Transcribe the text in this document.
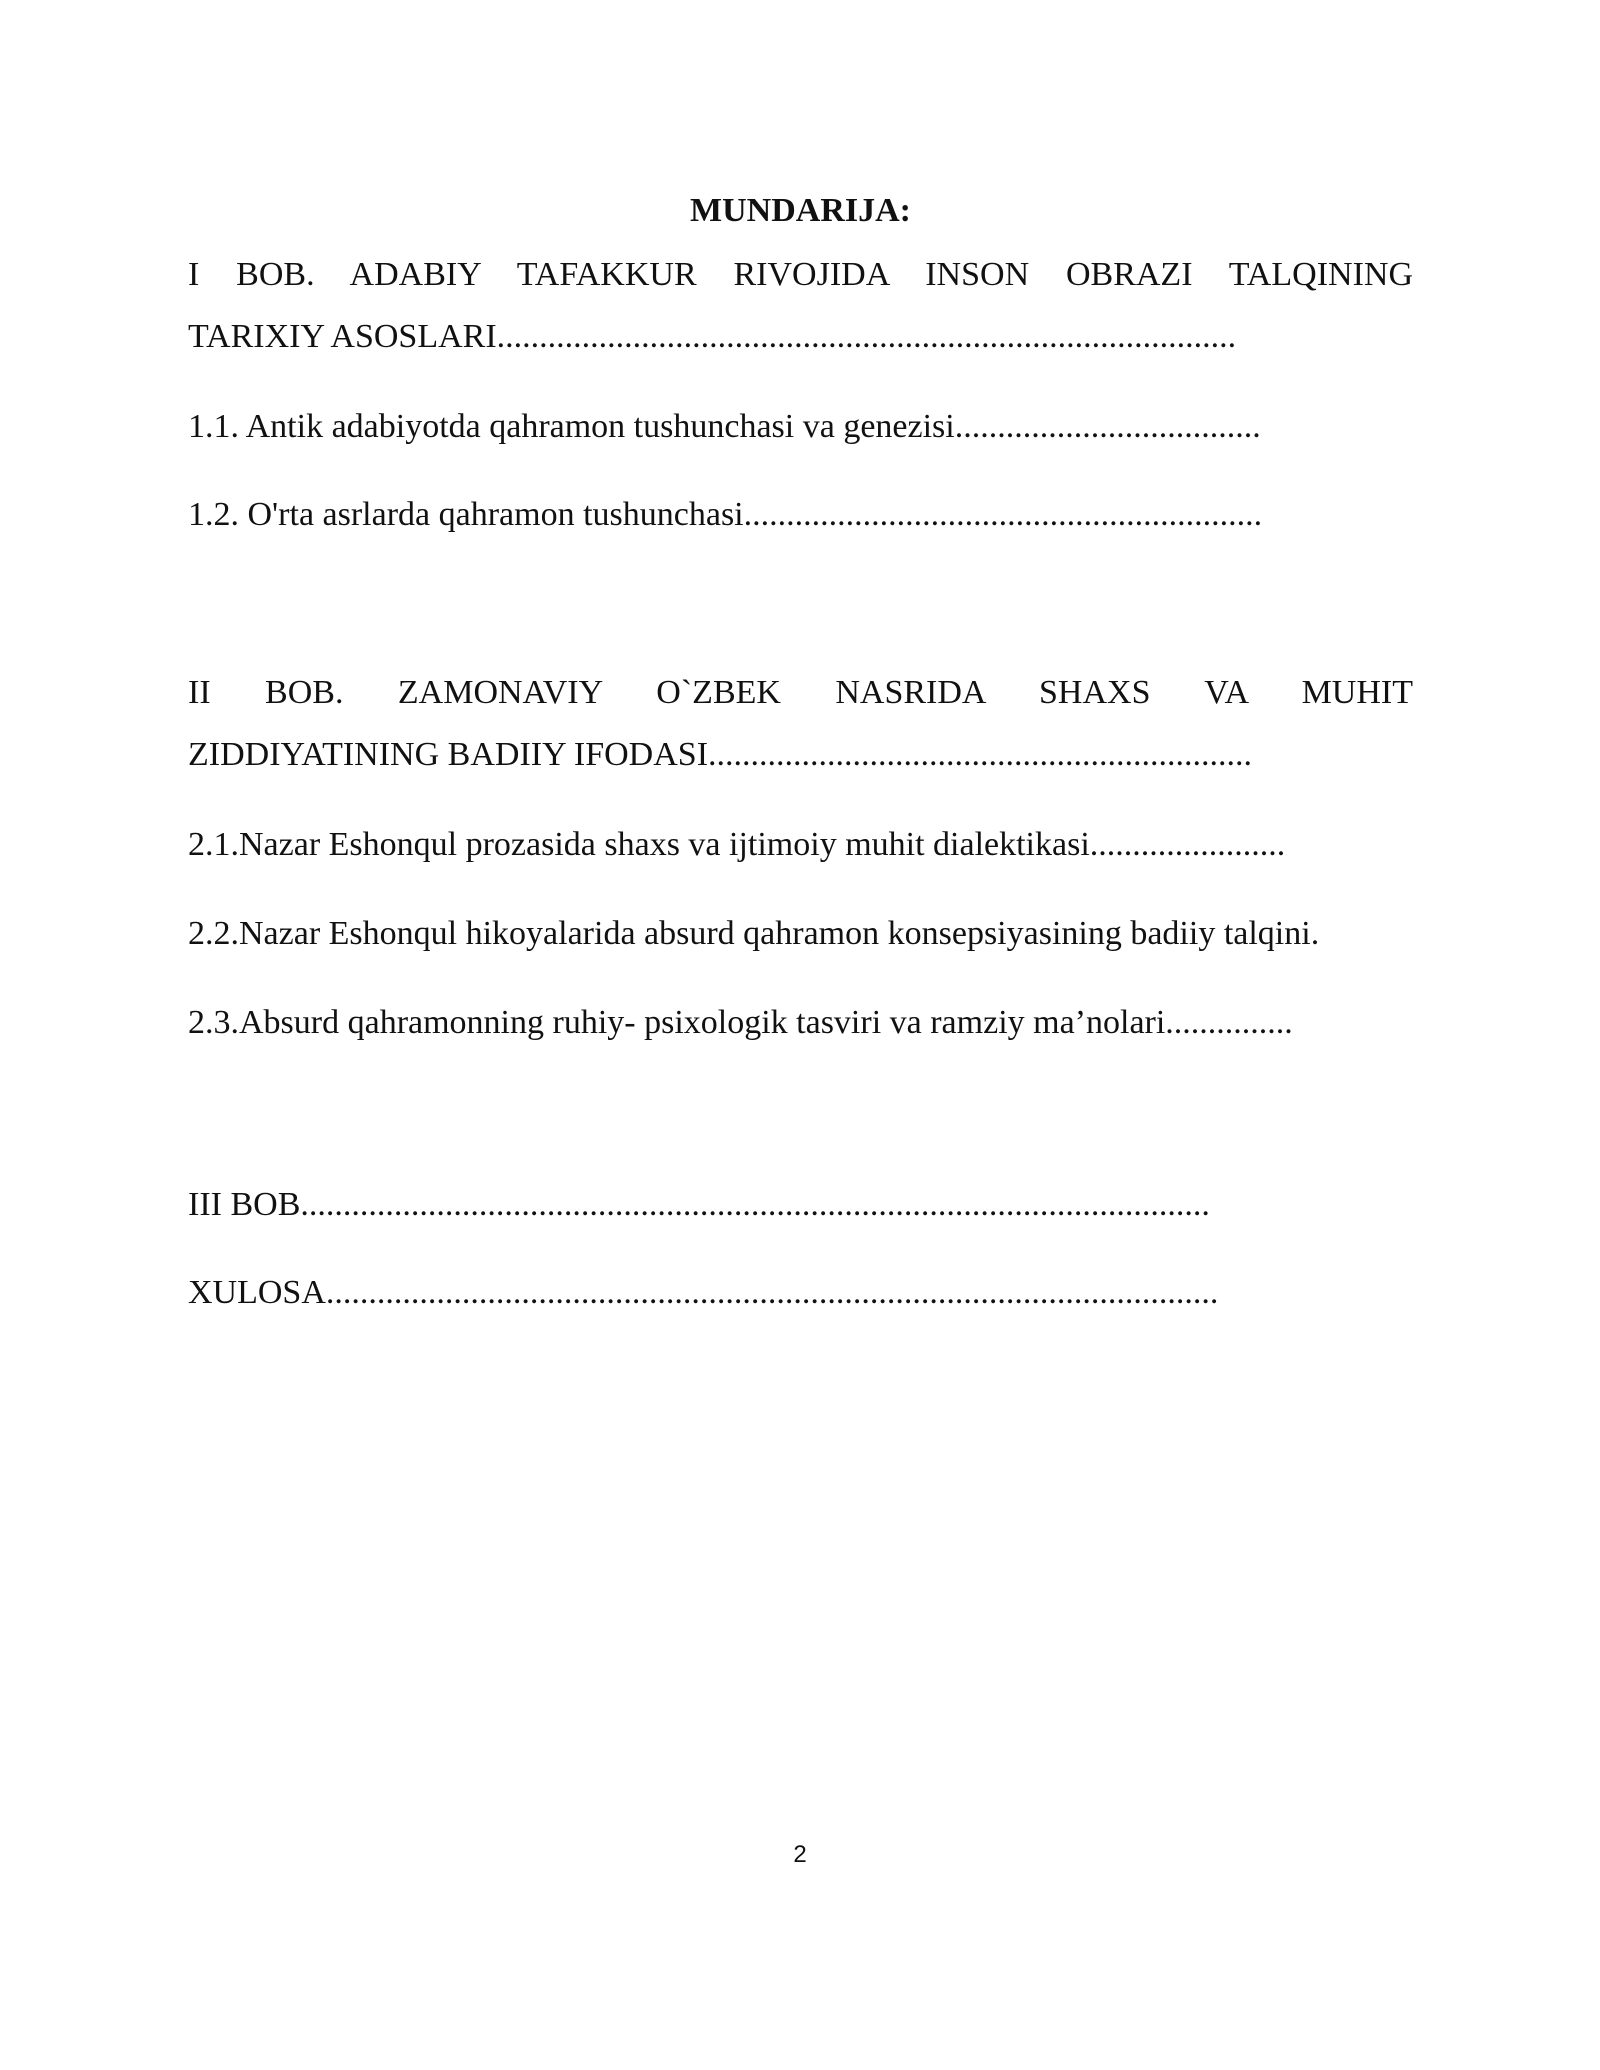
MUNDARIJA:
I BOB. ADABIY TAFAKKUR RIVOJIDA INSON OBRAZI TALQINING
TARIXIY ASOSLARI.......................................................................................

1.1. Antik adabiyotda qahramon tushunchasi va genezisi....................................

1.2. O'rta asrlarda qahramon tushunchasi.............................................................

II BOB. ZAMONAVIY O`ZBEK NASRIDA SHAXS VA MUHIT
ZIDDIYATINING BADIIY IFODASI................................................................

2.1.Nazar Eshonqul prozasida shaxs va ijtimoiy muhit dialektikasi.......................

2.2.Nazar Eshonqul hikoyalarida absurd qahramon konsepsiyasining badiiy talqini.

2.3.Absurd qahramonning ruhiy- psixologik tasviri va ramziy ma’nolari...............

III BOB...........................................................................................................

XULOSA.........................................................................................................

2
